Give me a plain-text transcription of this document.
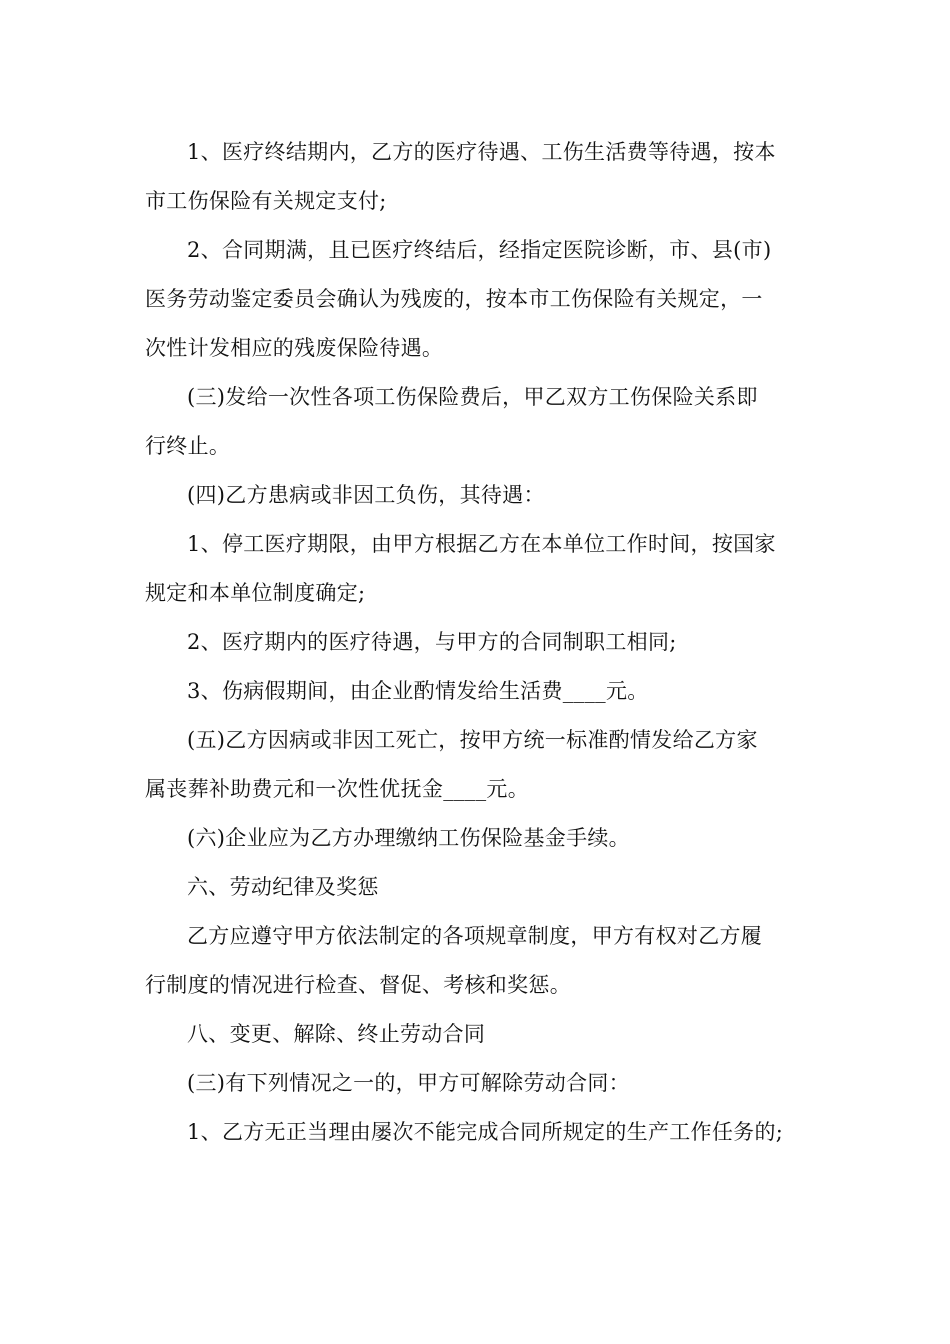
1、医疗终结期内，乙方的医疗待遇、工伤生活费等待遇，按本
市工伤保险有关规定支付;

2、合同期满，且已医疗终结后，经指定医院诊断，市、县(市)
医务劳动鉴定委员会确认为残废的，按本市工伤保险有关规定，一
次性计发相应的残废保险待遇。

(三)发给一次性各项工伤保险费后，甲乙双方工伤保险关系即
行终止。

(四)乙方患病或非因工负伤，其待遇：

1、停工医疗期限，由甲方根据乙方在本单位工作时间，按国家
规定和本单位制度确定;

2、医疗期内的医疗待遇，与甲方的合同制职工相同;

3、伤病假期间，由企业酌情发给生活费____元。

(五)乙方因病或非因工死亡，按甲方统一标准酌情发给乙方家
属丧葬补助费元和一次性优抚金____元。

(六)企业应为乙方办理缴纳工伤保险基金手续。

六、劳动纪律及奖惩

乙方应遵守甲方依法制定的各项规章制度，甲方有权对乙方履
行制度的情况进行检查、督促、考核和奖惩。

八、变更、解除、终止劳动合同

(三)有下列情况之一的，甲方可解除劳动合同：

1、乙方无正当理由屡次不能完成合同所规定的生产工作任务的;
